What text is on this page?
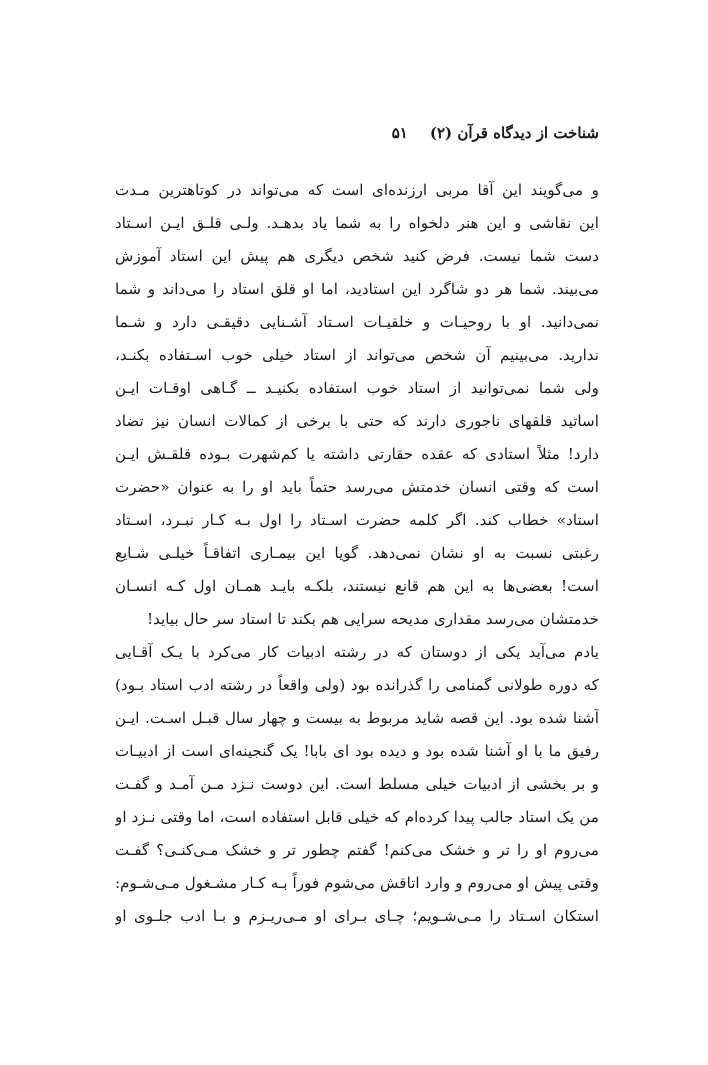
شناخت از دیدگاه قرآن (۲)
۵۱
و می‌گویند این آقا مربی ارزنده‌ای است که می‌تواند در کوتاهترین مـدت
این نقاشی و این هنر دلخواه را به شما یاد بدهـد. ولـی قلـق ایـن اسـتاد
دست شما نیست. فرض کنید شخص دیگری هم پیش این استاد آموزش
می‌بیند. شما هر دو شاگرد این استادید، اما او قلق استاد را می‌داند و شما
نمی‌دانید. او با روحیـات و خلقیـات اسـتاد آشـنایی دقیقـی دارد و شـما
ندارید. می‌بینیم آن شخص می‌تواند از استاد خیلی خوب اسـتفاده بکنـد،
ولی شما نمی‌توانید از استاد خوب استفاده بکنیـد ــ گـاهی اوقـات ایـن
اساتید قلقهای ناجوری دارند که حتی با برخی از کمالات انسان نیز تضاد
دارد! مثلاً استادی که عقده حقارتی داشته یا کم‌شهرت بـوده قلقـش ایـن
است که وقتی انسان خدمتش می‌رسد حتماً باید او را به عنوان «حضرت
استاد» خطاب کند. اگر کلمه حضرت اسـتاد را اول بـه کـار نبـرد، اسـتاد
رغبتی نسبت به او نشان نمی‌دهد. گویا این بیمـاری اتفاقـاً خیلـی شـایع
است! بعضی‌ها به این هم قانع نیستند، بلکـه بایـد همـان اول کـه انسـان
خدمتشان می‌رسد مقداری مدیحه سرایی هم بکند تا استاد سر حال بیاید!
یادم می‌آید یکی از دوستان که در رشته ادبیات کار می‌کرد با یـک آقـایی
که دوره طولانی گمنامی را گذرانده بود (ولی واقعاً در رشته ادب استاد بـود)
آشنا شده بود. این قصه شاید مربوط به بیست و چهار سال قبـل اسـت. ایـن
رفیق ما با او آشنا شده بود و دیده بود ای بابا! یک گنجینه‌ای است از ادبیـات
و بر بخشی از ادبیات خیلی مسلط است. این دوست نـزد مـن آمـد و گفـت
من یک استاد جالب پیدا کرده‌ام که خیلی قابل استفاده است، اما وقتی نـزد او
می‌روم او را تر و خشک می‌کنم! گفتم چطور تر و خشک مـی‌کنـی؟ گفـت
وقتی پیش او می‌روم و وارد اتاقش می‌شوم فوراً بـه کـار مشـغول مـی‌شـوم:
استکان اسـتاد را مـی‌شـویم؛ چـای بـرای او مـی‌ریـزم و بـا ادب جلـوی او
